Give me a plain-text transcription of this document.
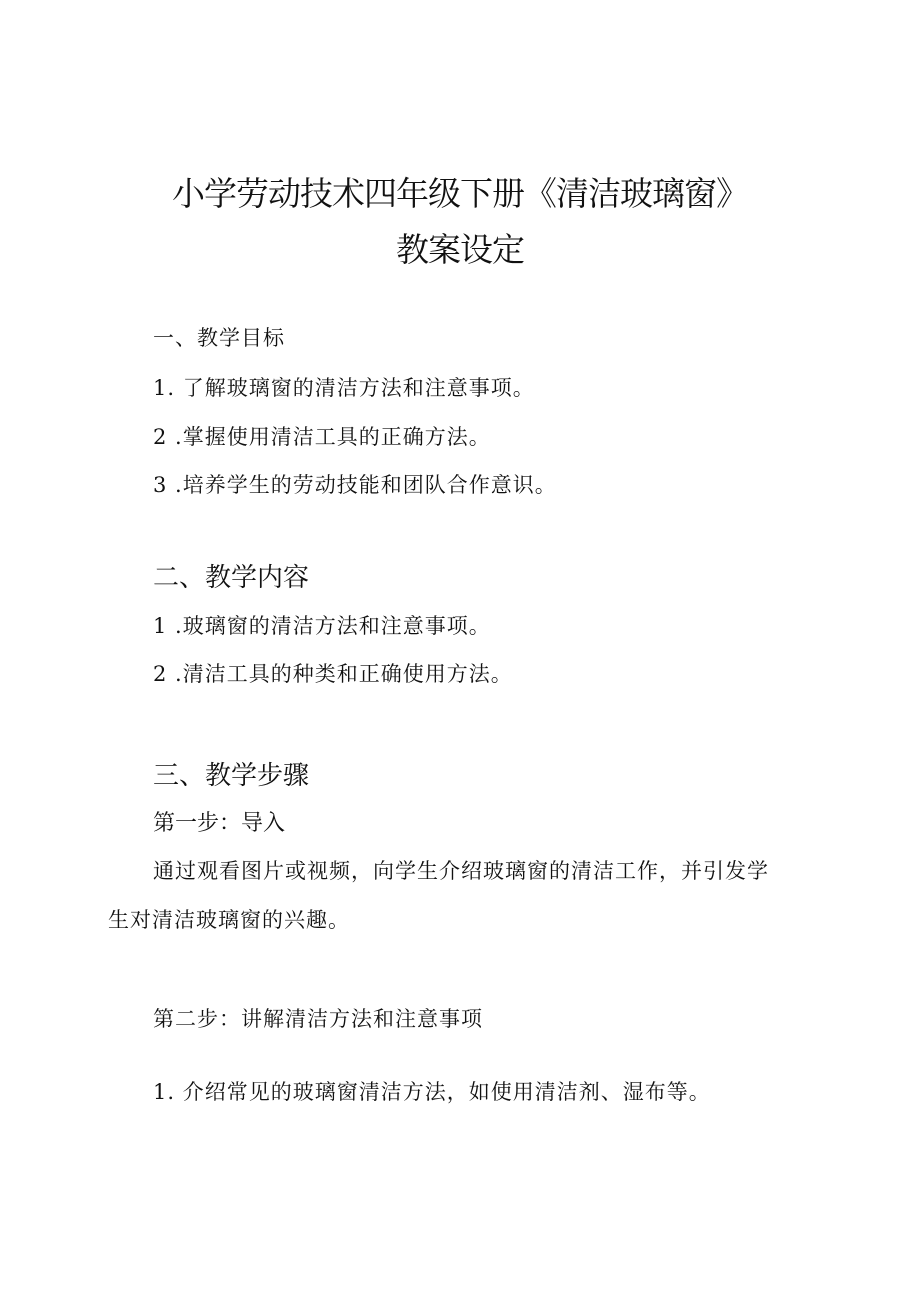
小学劳动技术四年级下册《清洁玻璃窗》
教案设定
一、教学目标
1. 了解玻璃窗的清洁方法和注意事项。
2 .掌握使用清洁工具的正确方法。
3 .培养学生的劳动技能和团队合作意识。
二、教学内容
1 .玻璃窗的清洁方法和注意事项。
2 .清洁工具的种类和正确使用方法。
三、教学步骤
第一步：导入
通过观看图片或视频，向学生介绍玻璃窗的清洁工作，并引发学
生对清洁玻璃窗的兴趣。
第二步：讲解清洁方法和注意事项
1. 介绍常见的玻璃窗清洁方法，如使用清洁剂、湿布等。
